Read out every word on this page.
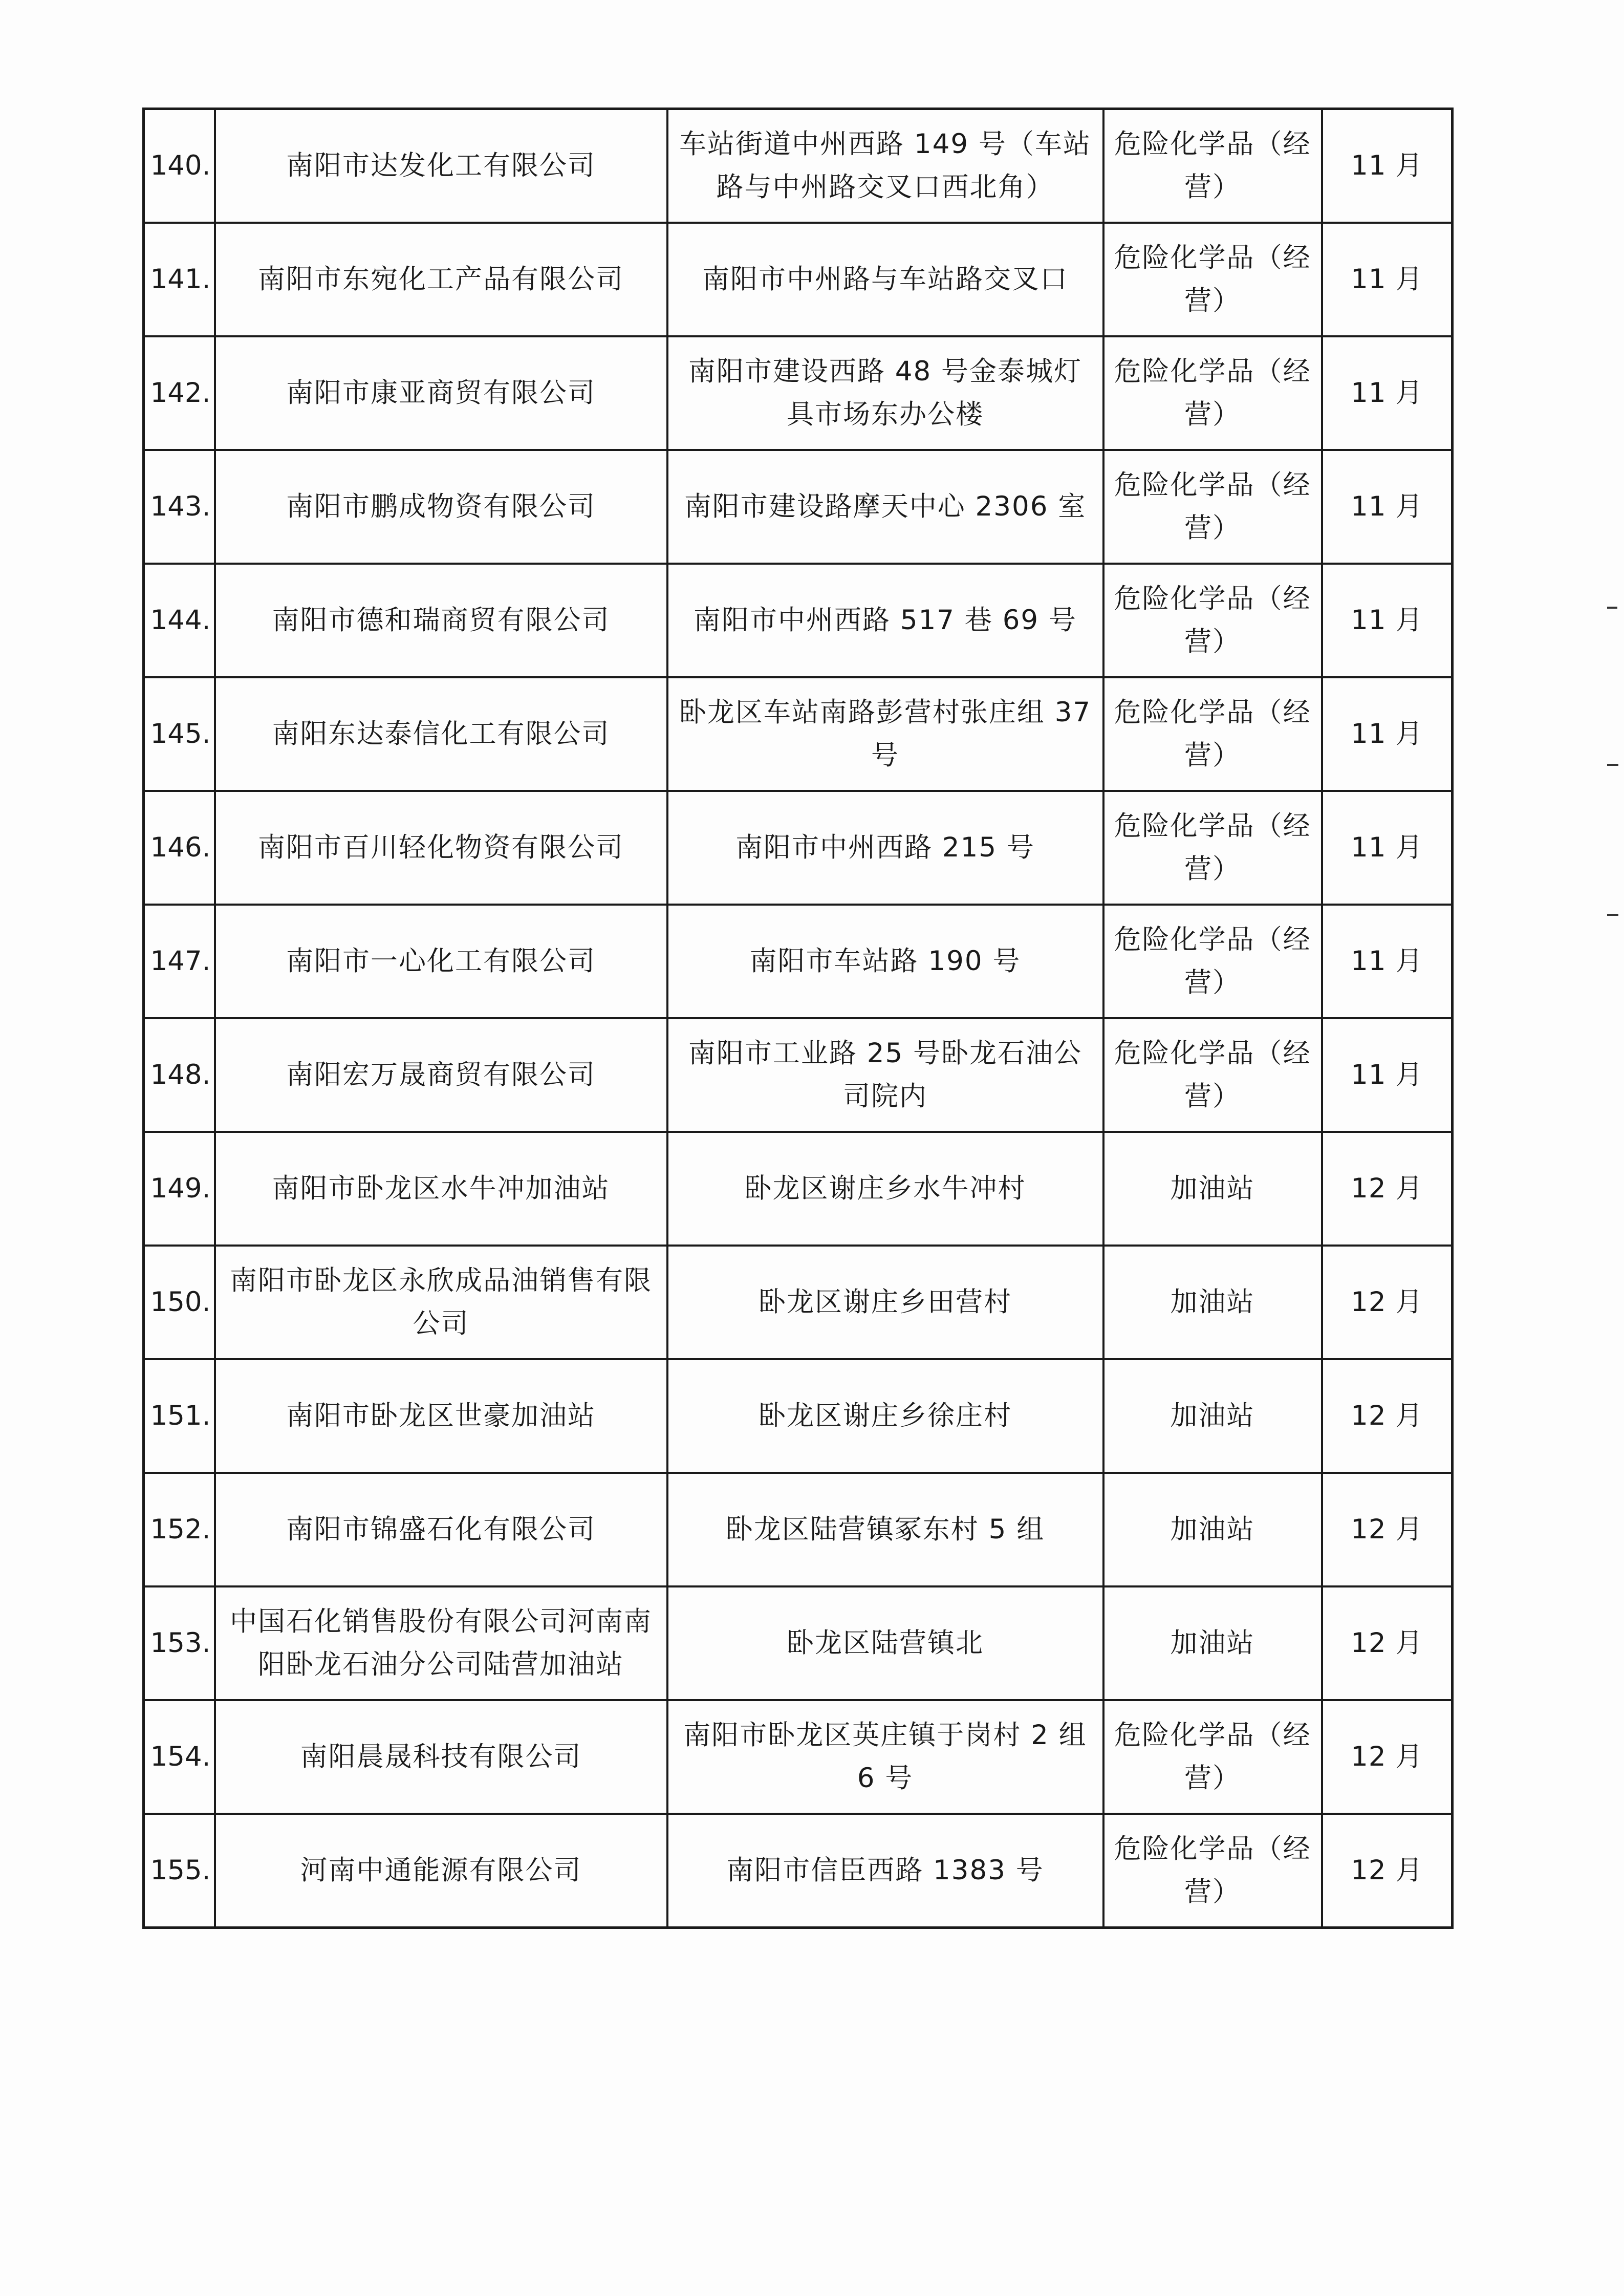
140.	南阳市达发化工有限公司	车站街道中州西路 149 号（车站路与中州路交叉口西北角）	危险化学品（经营）	11 月
141.	南阳市东宛化工产品有限公司	南阳市中州路与车站路交叉口	危险化学品（经营）	11 月
142.	南阳市康亚商贸有限公司	南阳市建设西路 48 号金泰城灯具市场东办公楼	危险化学品（经营）	11 月
143.	南阳市鹏成物资有限公司	南阳市建设路摩天中心 2306 室	危险化学品（经营）	11 月
144.	南阳市德和瑞商贸有限公司	南阳市中州西路 517 巷 69 号	危险化学品（经营）	11 月
145.	南阳东达泰信化工有限公司	卧龙区车站南路彭营村张庄组 37 号	危险化学品（经营）	11 月
146.	南阳市百川轻化物资有限公司	南阳市中州西路 215 号	危险化学品（经营）	11 月
147.	南阳市一心化工有限公司	南阳市车站路 190 号	危险化学品（经营）	11 月
148.	南阳宏万晟商贸有限公司	南阳市工业路 25 号卧龙石油公司院内	危险化学品（经营）	11 月
149.	南阳市卧龙区水牛冲加油站	卧龙区谢庄乡水牛冲村	加油站	12 月
150.	南阳市卧龙区永欣成品油销售有限公司	卧龙区谢庄乡田营村	加油站	12 月
151.	南阳市卧龙区世豪加油站	卧龙区谢庄乡徐庄村	加油站	12 月
152.	南阳市锦盛石化有限公司	卧龙区陆营镇冢东村 5 组	加油站	12 月
153.	中国石化销售股份有限公司河南南阳卧龙石油分公司陆营加油站	卧龙区陆营镇北	加油站	12 月
154.	南阳晨晟科技有限公司	南阳市卧龙区英庄镇于岗村 2 组 6 号	危险化学品（经营）	12 月
155.	河南中通能源有限公司	南阳市信臣西路 1383 号	危险化学品（经营）	12 月
